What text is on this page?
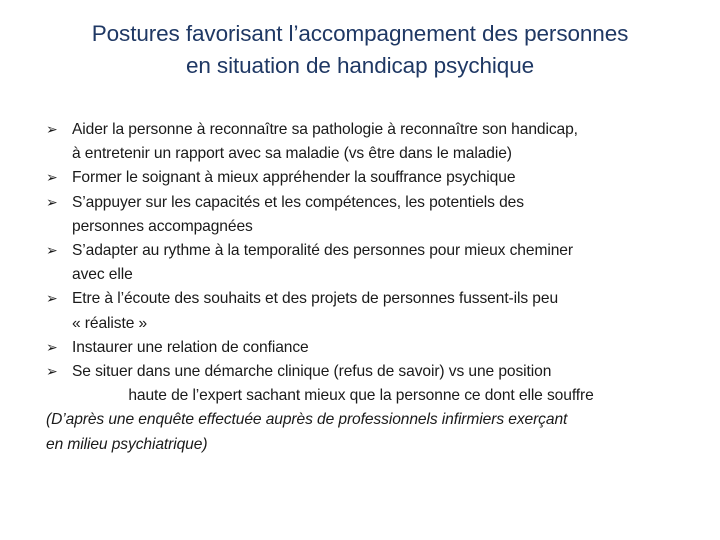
Postures favorisant l’accompagnement des personnes
en situation de handicap psychique
➢ Aider la personne à reconnaître sa pathologie à reconnaître son handicap,
à entretenir un rapport avec sa maladie (vs être dans le maladie)
➢ Former le soignant à mieux appréhender la souffrance psychique
➢ S’appuyer sur les capacités et les compétences, les potentiels des
personnes accompagnées
➢ S’adapter au rythme à la temporalité des personnes pour mieux cheminer
avec elle
➢ Etre à l’écoute des souhaits et des projets de personnes fussent-ils peu
« réaliste »
➢ Instaurer une relation de confiance
➢ Se situer dans une démarche clinique (refus de savoir) vs une position
haute de l’expert sachant mieux que la personne ce dont elle souffre
(D’après une enquête effectuée auprès de professionnels infirmiers exerçant
en milieu psychiatrique)
